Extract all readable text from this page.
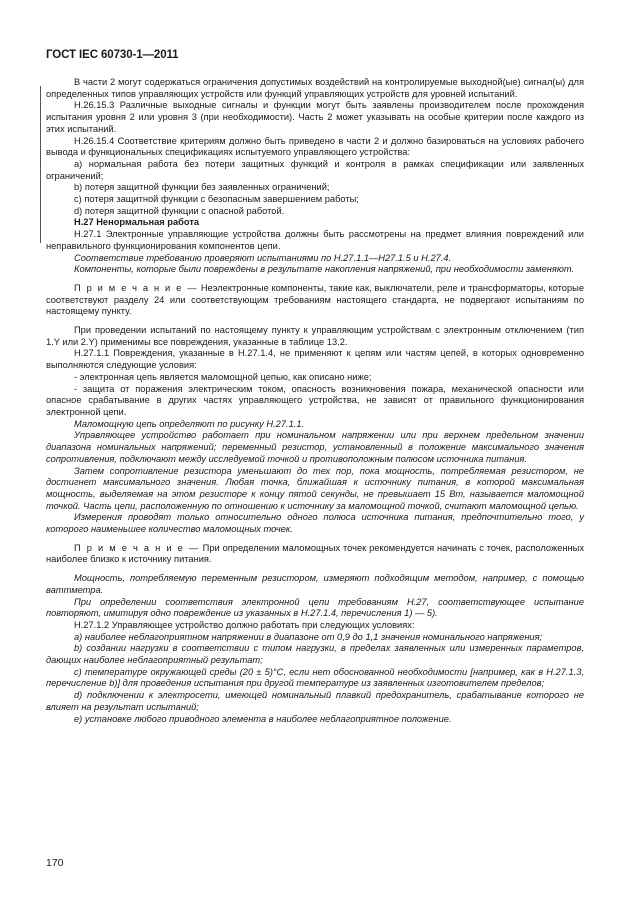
ГОСТ IEC 60730-1—2011

В части 2 могут содержаться ограничения допустимых воздействий на контролируемые выходной(ые) сигнал(ы) для определенных типов управляющих устройств или функций управляющих устройств для уровней испытаний.

H.26.15.3 Различные выходные сигналы и функции могут быть заявлены производителем после прохождения испытания уровня 2 или уровня 3 (при необходимости). Часть 2 может указывать на особые критерии после каждого из этих испытаний.

H.26.15.4 Соответствие критериям должно быть приведено в части 2 и должно базироваться на условиях рабочего вывода и функциональных спецификациях испытуемого управляющего устройства:

a) нормальная работа без потери защитных функций и контроля в рамках спецификации или заявленных ограничений;

b) потеря защитной функции без заявленных ограничений;

c) потеря защитной функции с безопасным завершением работы;

d) потеря защитной функции с опасной работой.

H.27 Ненормальная работа

H.27.1 Электронные управляющие устройства должны быть рассмотрены на предмет влияния повреждений или неправильного функционирования компонентов цепи.

Соответствие требованию проверяют испытаниями по H.27.1.1—H27.1.5 и H.27.4.

Компоненты, которые были повреждены в результате накопления напряжений, при необходимости заменяют.

П р и м е ч а н и е — Неэлектронные компоненты, такие как, выключатели, реле и трансформаторы, которые соответствуют разделу 24 или соответствующим требованиям настоящего стандарта, не подвергают испытаниям по настоящему пункту.

При проведении испытаний по настоящему пункту к управляющим устройствам с электронным отключением (тип 1.Y или 2.Y) применимы все повреждения, указанные в таблице 13.2.

H.27.1.1 Повреждения, указанные в H.27.1.4, не применяют к цепям или частям цепей, в которых одновременно выполняются следующие условия:

- электронная цепь является маломощной цепью, как описано ниже;

- защита от поражения электрическим током, опасность возникновения пожара, механической опасности или опасное срабатывание в других частях управляющего устройства, не зависят от правильного функционирования электронной цепи.

Маломощную цепь определяют по рисунку H.27.1.1.

Управляющее устройство работает при номинальном напряжении или при верхнем предельном значении диапазона номинальных напряжений; переменный резистор, установленный в положение максимального значения сопротивления, подключают между исследуемой точкой и противоположным полюсом источника питания.

Затем сопротивление резистора уменьшают до тех пор, пока мощность, потребляемая резистором, не достигнет максимального значения. Любая точка, ближайшая к источнику питания, в которой максимальная мощность, выделяемая на этом резисторе к концу пятой секунды, не превышает 15 Вт, называется маломощной точкой. Часть цепи, расположенную по отношению к источнику за маломощной точкой, считают маломощной цепью.

Измерения проводят только относительно одного полюса источника питания, предпочтительно того, у которого наименьшее количество маломощных точек.

П р и м е ч а н и е — При определении маломощных точек рекомендуется начинать с точек, расположенных наиболее близко к источнику питания.

Мощность, потребляемую переменным резистором, измеряют подходящим методом, например, с помощью ваттметра.

При определении соответствия электронной цепи требованиям H.27, соответствующее испытание повторяют, имитируя одно повреждение из указанных в H.27.1.4, перечисления 1) — 5).

H.27.1.2 Управляющее устройство должно работать при следующих условиях:

a) наиболее неблагоприятном напряжении в диапазоне от 0,9 до 1,1 значения номинального напряжения;

b) создании нагрузки в соответствии с типом нагрузки, в пределах заявленных или измеренных параметров, дающих наиболее неблагоприятный результат;

c) температуре окружающей среды (20 ± 5)°C, если нет обоснованной необходимости [например, как в H.27.1.3, перечисление b)] для проведения испытания при другой температуре из заявленных изготовителем пределов;

d) подключении к электросети, имеющей номинальный плавкий предохранитель, срабатывание которого не влияет на результат испытаний;

e) установке любого приводного элемента в наиболее неблагоприятное положение.

170
